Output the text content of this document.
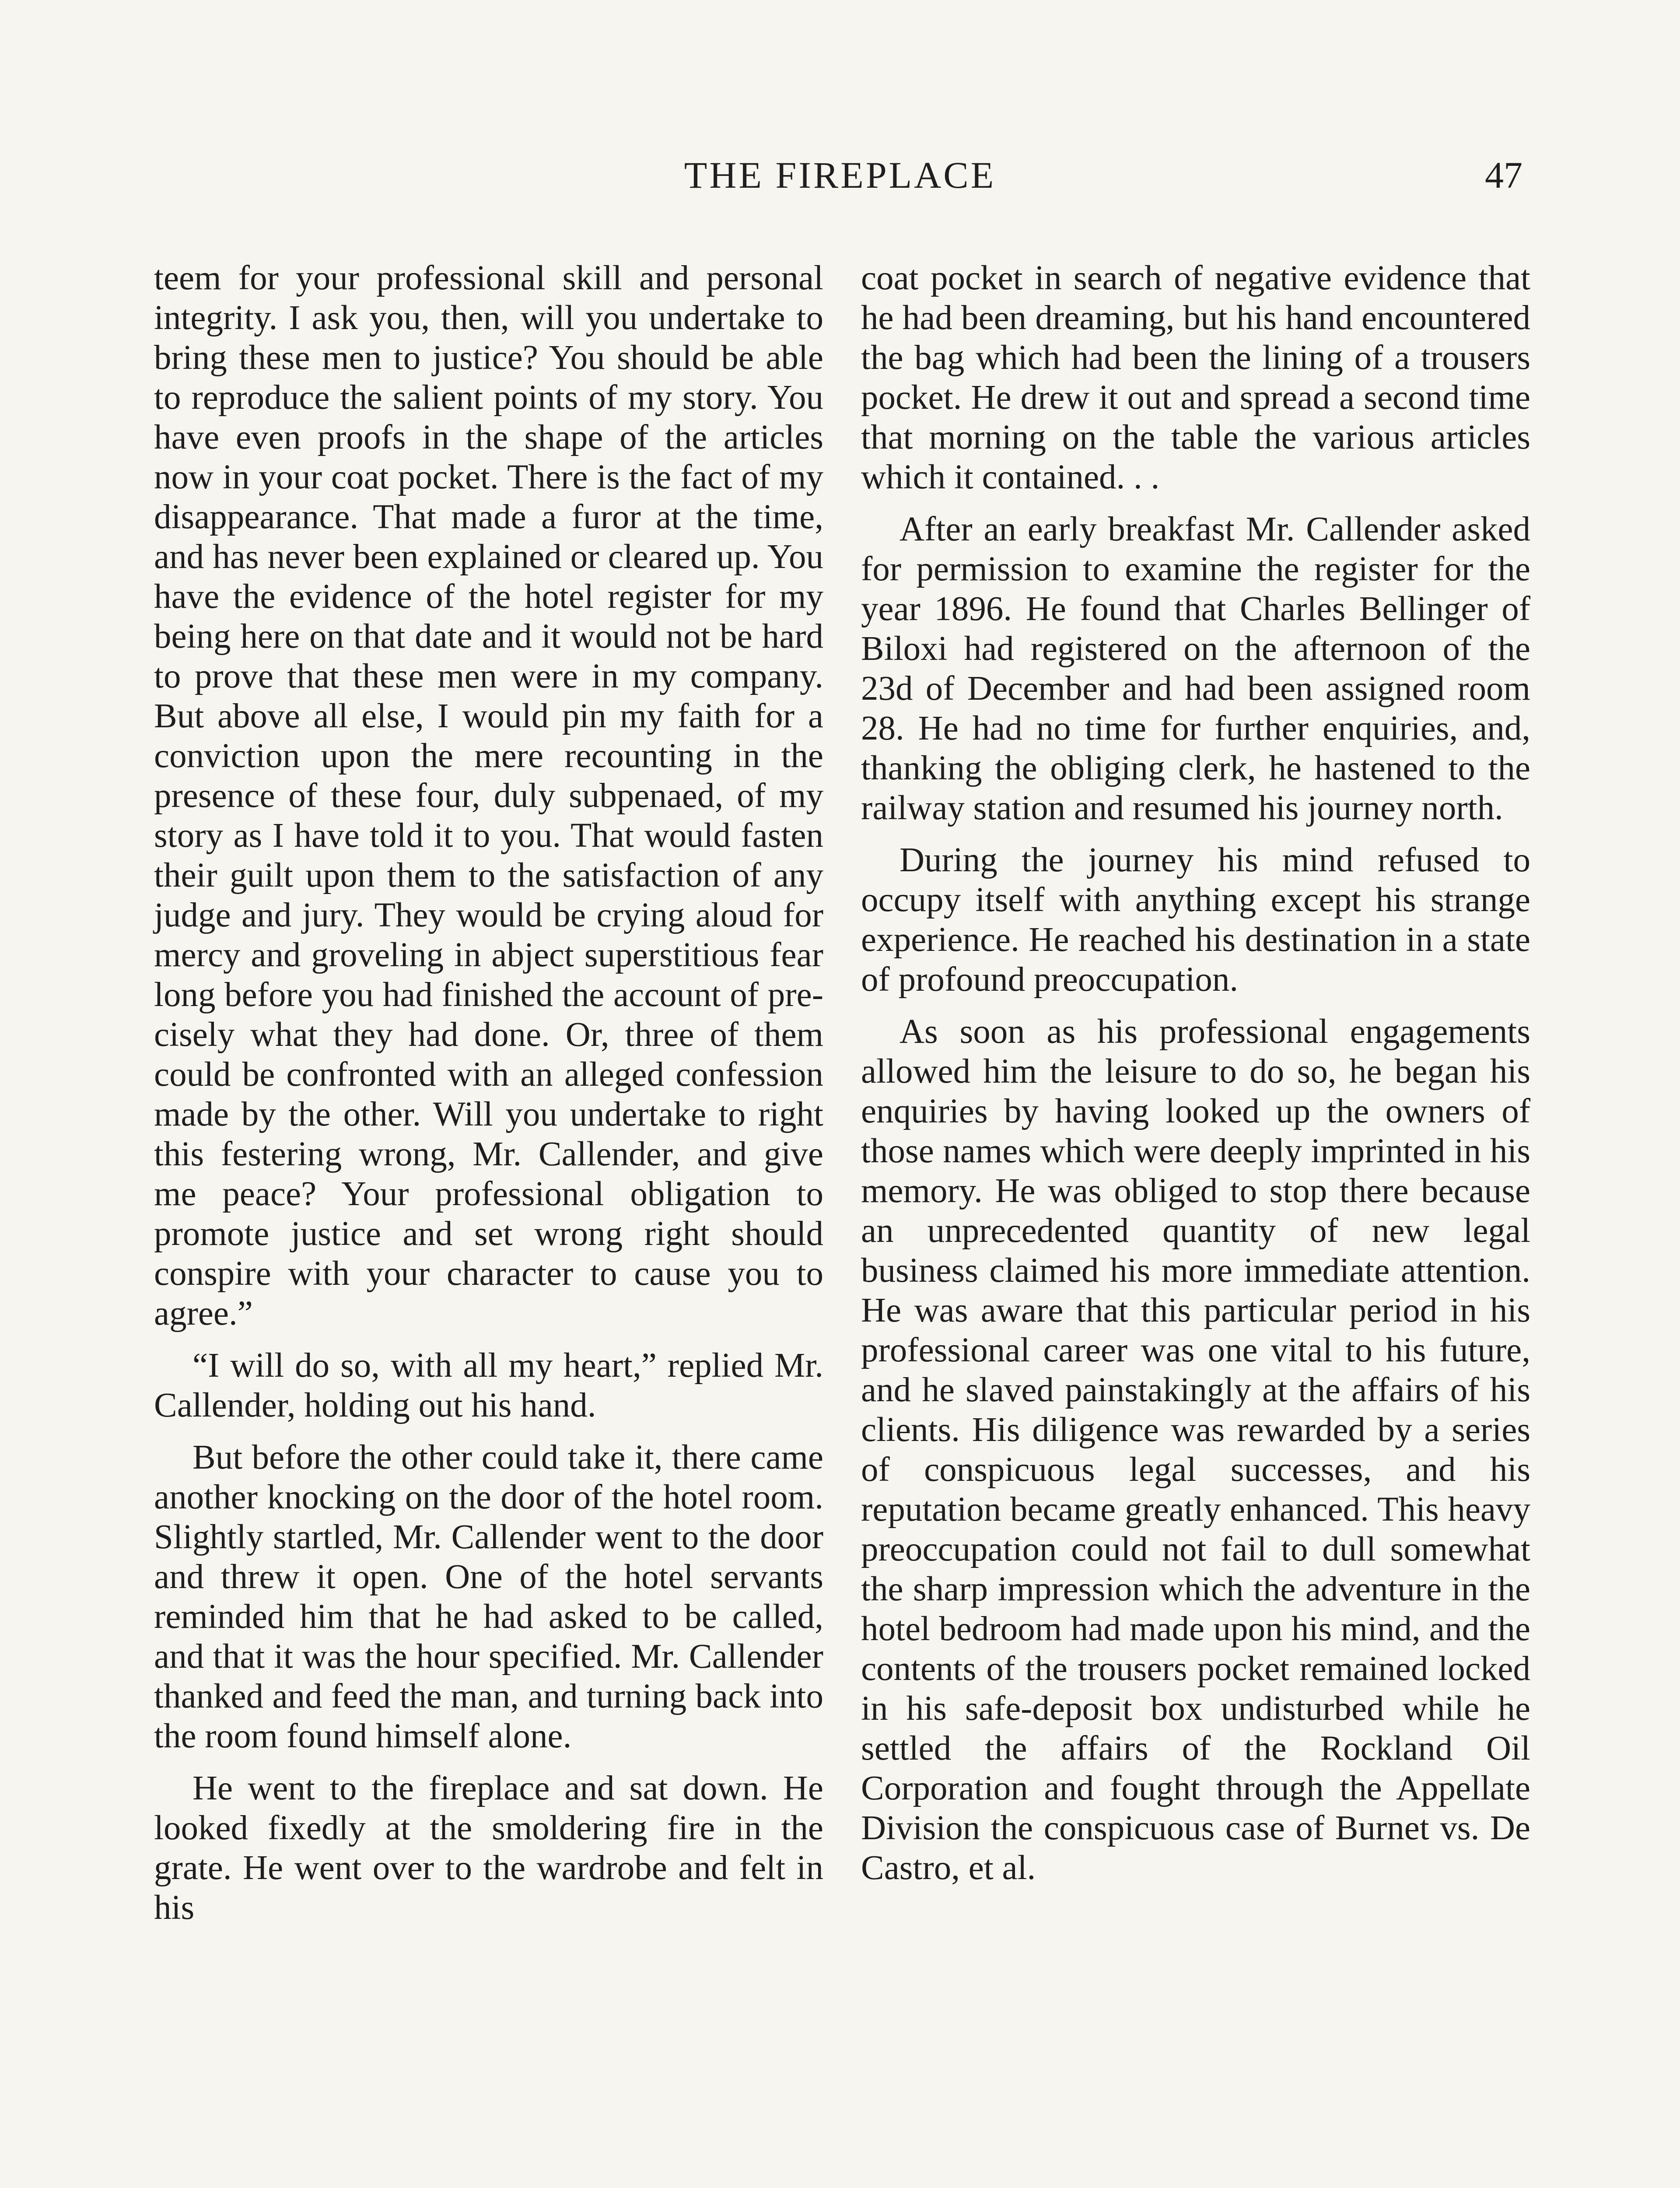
THE FIREPLACE	47

teem for your professional skill and personal integrity. I ask you, then, will you undertake to bring these men to justice? You should be able to reproduce the salient points of my story. You have even proofs in the shape of the articles now in your coat pocket. There is the fact of my disappearance. That made a furor at the time, and has never been explained or cleared up. You have the evidence of the hotel register for my being here on that date and it would not be hard to prove that these men were in my company. But above all else, I would pin my faith for a conviction upon the mere recounting in the presence of these four, duly subpenaed, of my story as I have told it to you. That would fasten their guilt upon them to the satisfaction of any judge and jury. They would be crying aloud for mercy and groveling in abject superstitious fear long before you had finished the account of precisely what they had done. Or, three of them could be confronted with an alleged confession made by the other. Will you undertake to right this festering wrong, Mr. Callender, and give me peace? Your professional obligation to promote justice and set wrong right should conspire with your character to cause you to agree.”

“I will do so, with all my heart,” replied Mr. Callender, holding out his hand.

But before the other could take it, there came another knocking on the door of the hotel room. Slightly startled, Mr. Callender went to the door and threw it open. One of the hotel servants reminded him that he had asked to be called, and that it was the hour specified. Mr. Callender thanked and feed the man, and turning back into the room found himself alone.

He went to the fireplace and sat down. He looked fixedly at the smoldering fire in the grate. He went over to the wardrobe and felt in his

coat pocket in search of negative evidence that he had been dreaming, but his hand encountered the bag which had been the lining of a trousers pocket. He drew it out and spread a second time that morning on the table the various articles which it contained. . .

After an early breakfast Mr. Callender asked for permission to examine the register for the year 1896. He found that Charles Bellinger of Biloxi had registered on the afternoon of the 23d of December and had been assigned room 28. He had no time for further enquiries, and, thanking the obliging clerk, he hastened to the railway station and resumed his journey north.

During the journey his mind refused to occupy itself with anything except his strange experience. He reached his destination in a state of profound preoccupation.

As soon as his professional engagements allowed him the leisure to do so, he began his enquiries by having looked up the owners of those names which were deeply imprinted in his memory. He was obliged to stop there because an unprecedented quantity of new legal business claimed his more immediate attention. He was aware that this particular period in his professional career was one vital to his future, and he slaved painstakingly at the affairs of his clients. His diligence was rewarded by a series of conspicuous legal successes, and his reputation became greatly enhanced. This heavy preoccupation could not fail to dull somewhat the sharp impression which the adventure in the hotel bedroom had made upon his mind, and the contents of the trousers pocket remained locked in his safe-deposit box undisturbed while he settled the affairs of the Rockland Oil Corporation and fought through the Appellate Division the conspicuous case of Burnet vs. De Castro, et al.
